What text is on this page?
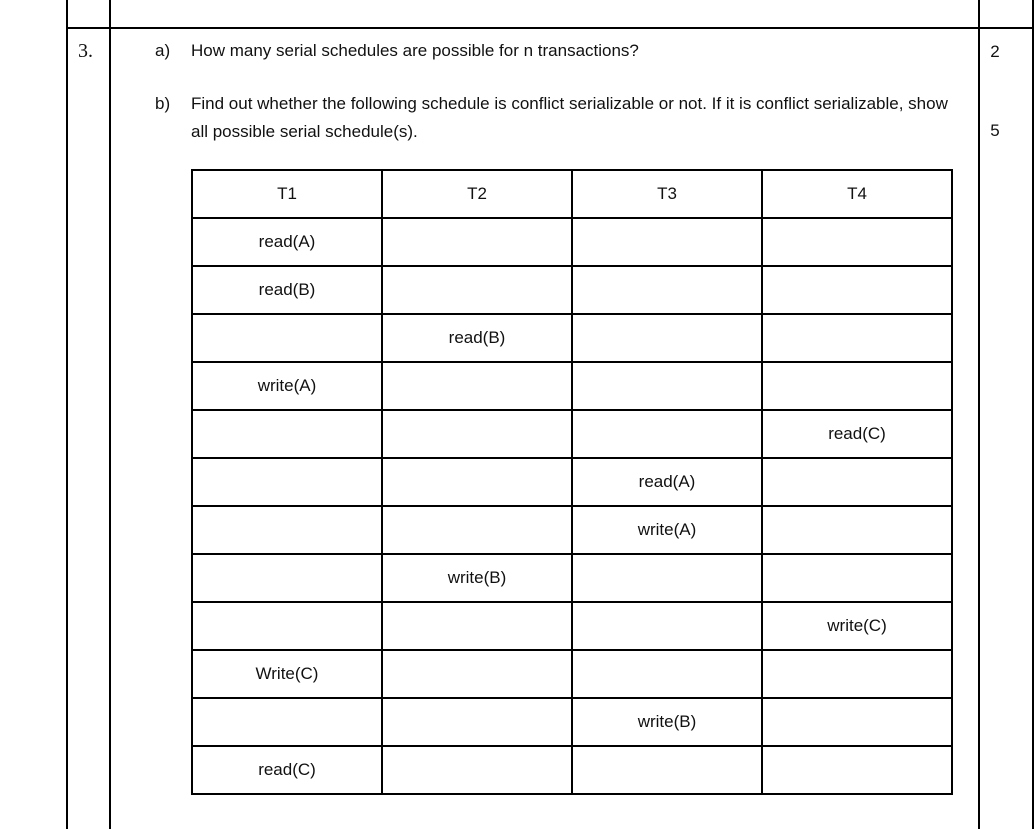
3.	a) How many serial schedules are possible for n transactions?	2
b) Find out whether the following schedule is conflict serializable or not. If it is conflict serializable, show all possible serial schedule(s).	5
T1	T2	T3	T4
read(A)			
read(B)			
	read(B)		
write(A)			
			read(C)
		read(A)	
		write(A)	
	write(B)		
			write(C)
Write(C)			
		write(B)	
read(C)			
